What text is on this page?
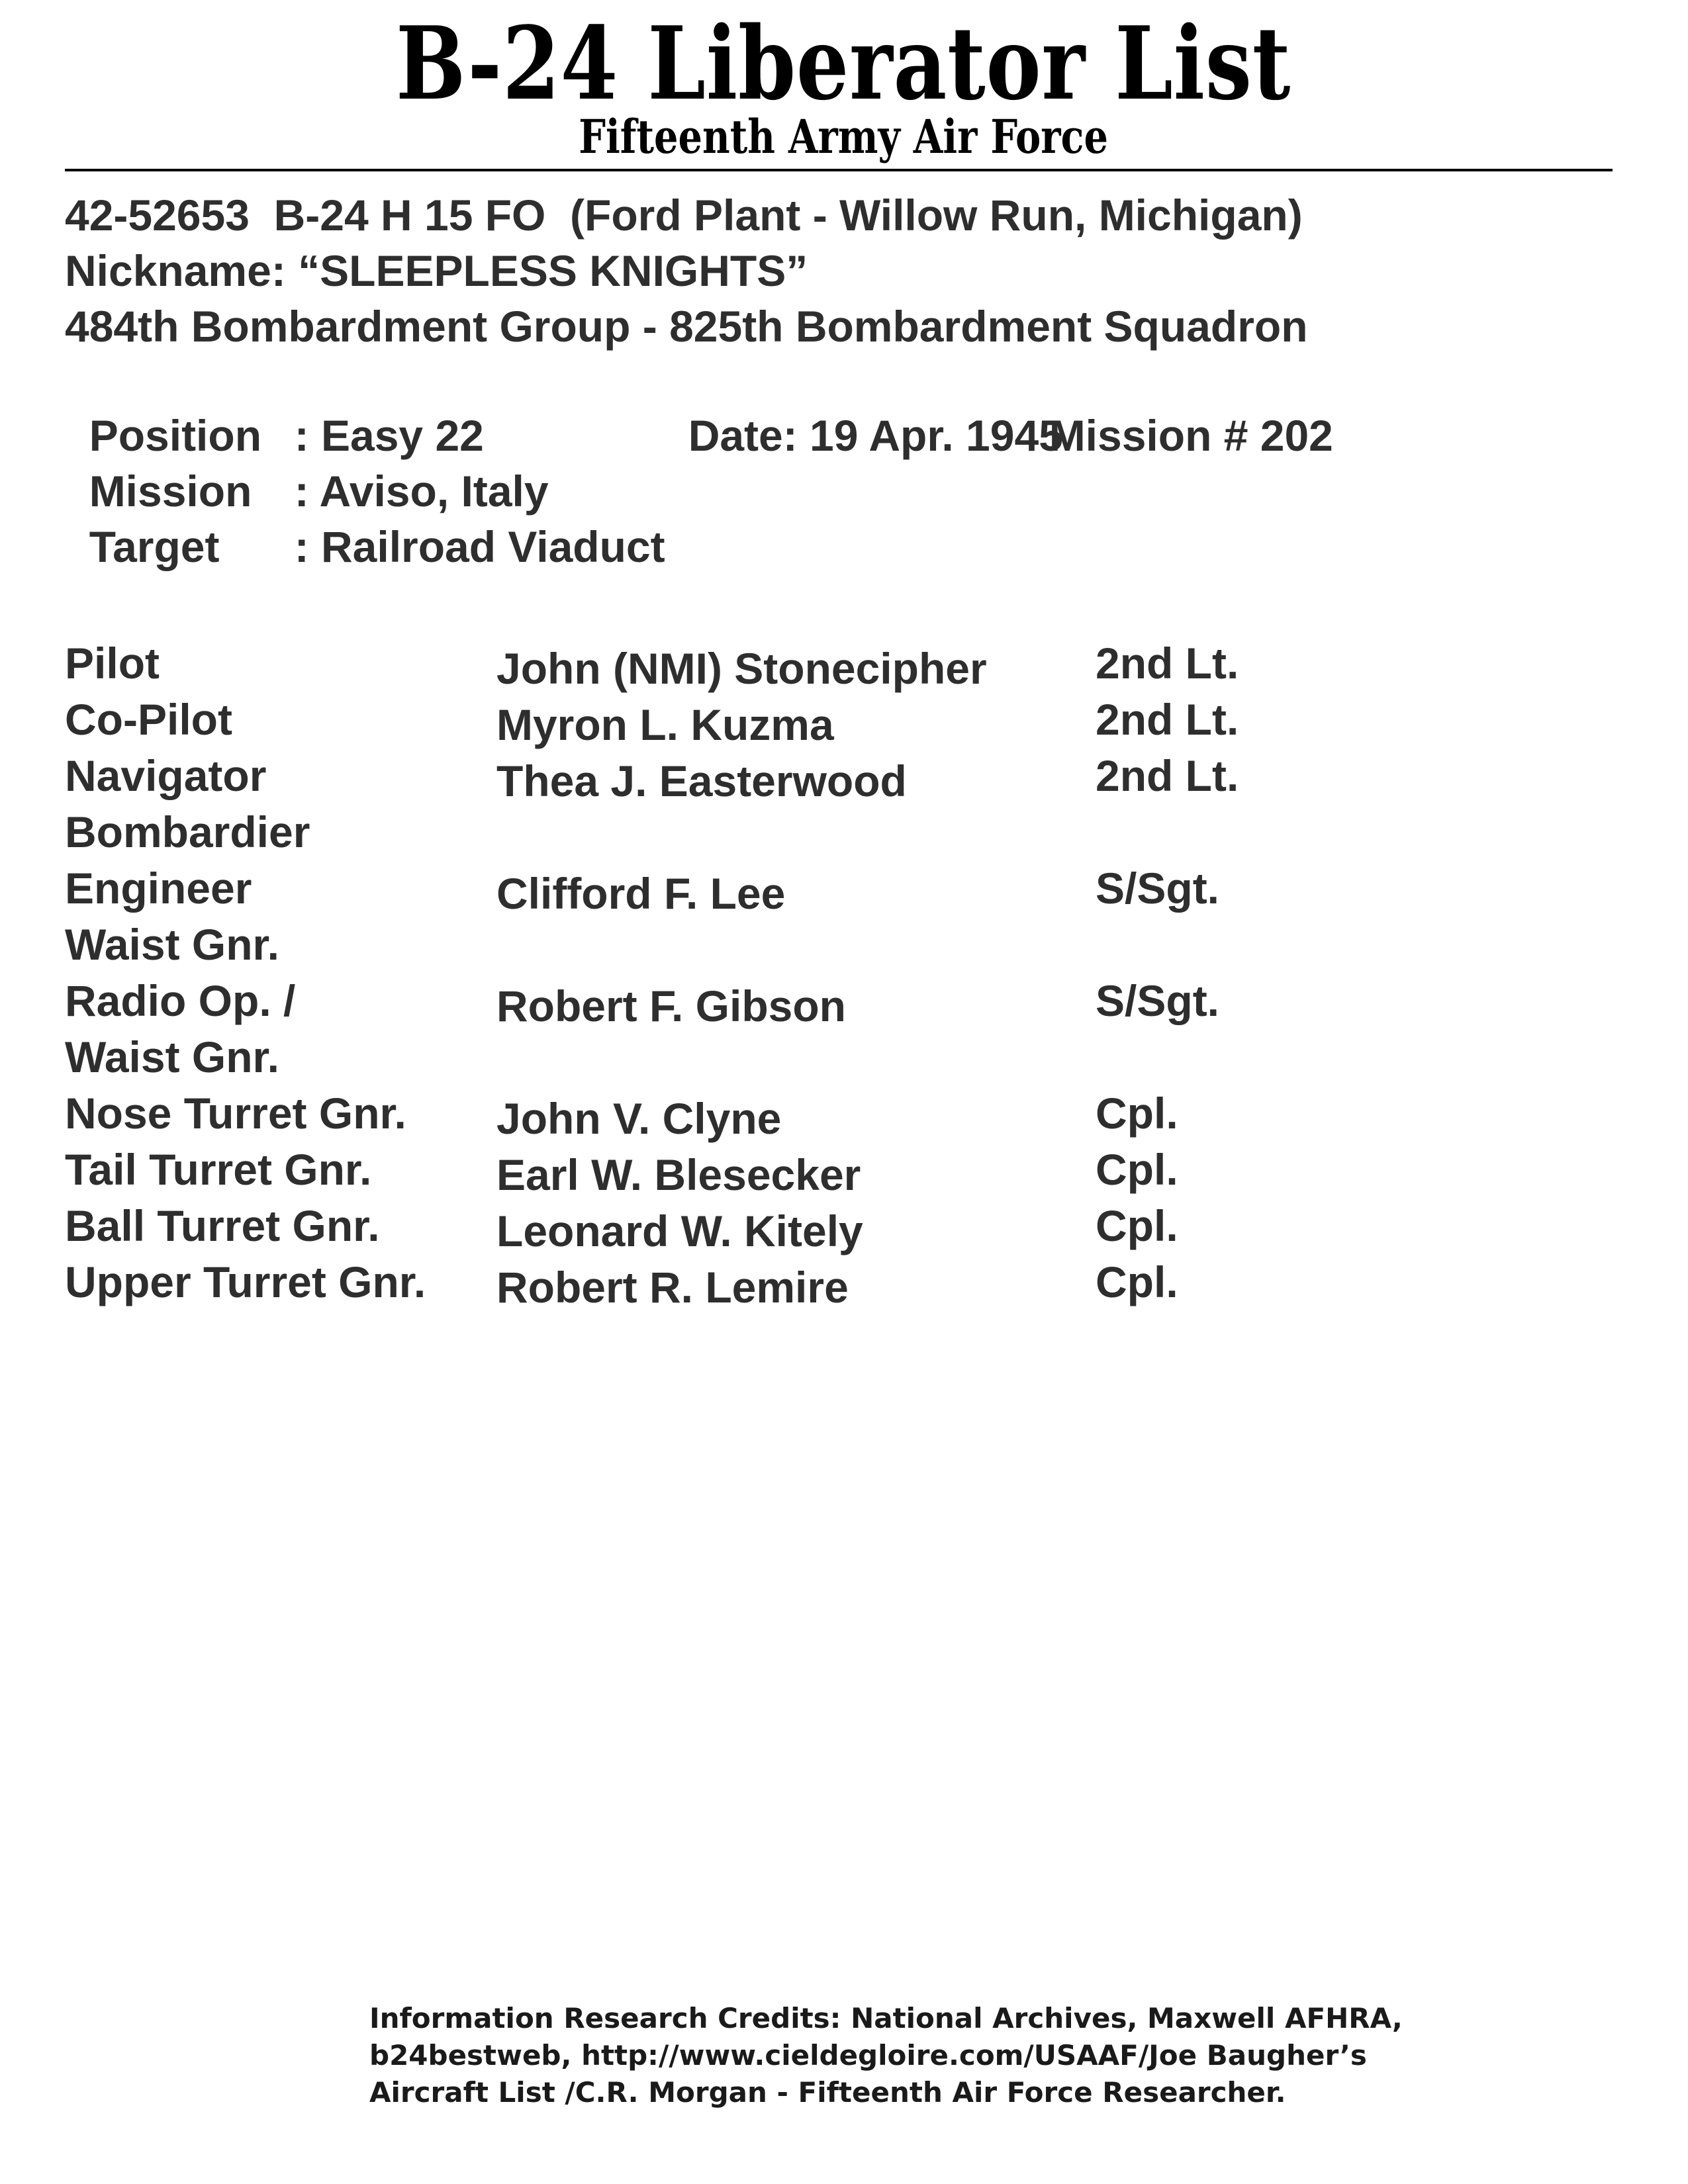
B-24 Liberator List
Fifteenth Army Air Force
42-52653  B-24 H 15 FO  (Ford Plant - Willow Run, Michigan)
Nickname: “SLEEPLESS KNIGHTS”
484th Bombardment Group - 825th Bombardment Squadron

Position : Easy 22	Date: 19 Apr. 1945Mission # 202

Mission : Aviso, Italy

Target : Railroad Viaduct

Pilot	John (NMI) Stonecipher 2nd Lt.
Co-Pilot	Myron L. Kuzma	2nd Lt.
Navigator	Thea J. Easterwood	2nd Lt.
Bombardier
Engineer	Clifford F. Lee	S/Sgt.
Waist Gnr.
Radio Op. /	Robert F. Gibson	S/Sgt.
Waist Gnr.
Nose Turret Gnr. John V. Clyne	Cpl.
Tail Turret Gnr.	Earl W. Blesecker	Cpl.
Ball Turret Gnr.	Leonard W. Kitely	Cpl.
Upper Turret Gnr. Robert R. Lemire	Cpl.
Information Research Credits: National Archives, Maxwell AFHRA,
b24bestweb, http://www.cieldegloire.com/USAAF/Joe Baugher’s
Aircraft List /C.R. Morgan - Fifteenth Air Force Researcher.
